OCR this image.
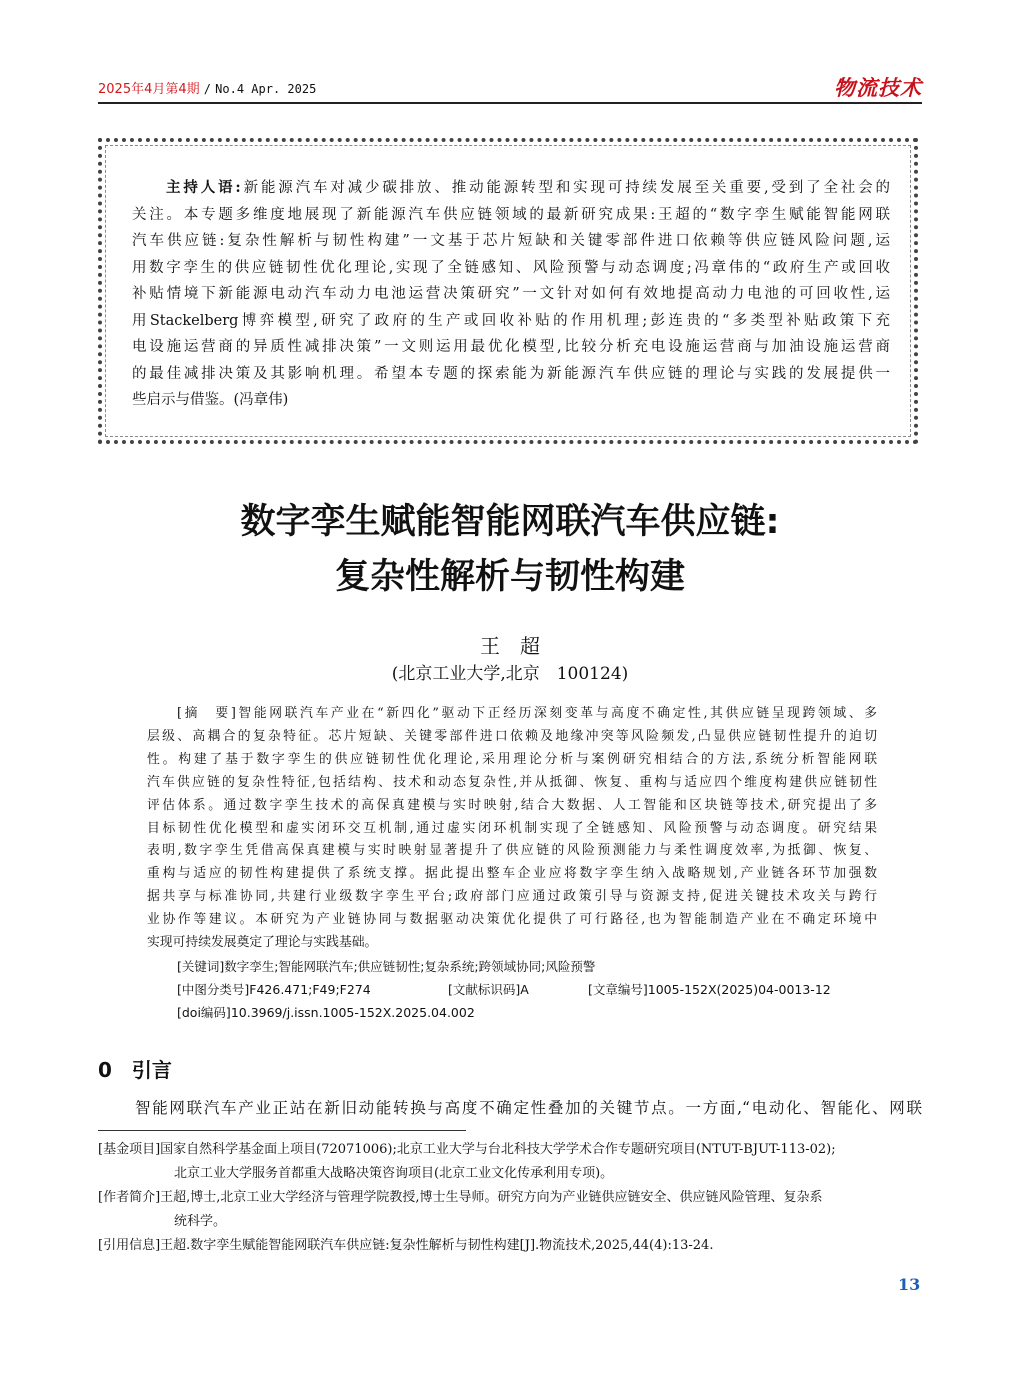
2025年4月第4期 / No.4 Apr. 2025	物流技术
主持人语:新能源汽车对减少碳排放、推动能源转型和实现可持续发展至关重要,受到了全社会的
关注。本专题多维度地展现了新能源汽车供应链领域的最新研究成果:王超的“数字孪生赋能智能网联
汽车供应链:复杂性解析与韧性构建”一文基于芯片短缺和关键零部件进口依赖等供应链风险问题,运
用数字孪生的供应链韧性优化理论,实现了全链感知、风险预警与动态调度;冯章伟的“政府生产或回收
补贴情境下新能源电动汽车动力电池运营决策研究”一文针对如何有效地提高动力电池的可回收性,运
用Stackelberg博弈模型,研究了政府的生产或回收补贴的作用机理;彭连贵的“多类型补贴政策下充
电设施运营商的异质性减排决策”一文则运用最优化模型,比较分析充电设施运营商与加油设施运营商
的最佳减排决策及其影响机理。希望本专题的探索能为新能源汽车供应链的理论与实践的发展提供一
些启示与借鉴。(冯章伟)
数字孪生赋能智能网联汽车供应链:
复杂性解析与韧性构建
王　超
(北京工业大学,北京　100124)
[摘　要]智能网联汽车产业在“新四化”驱动下正经历深刻变革与高度不确定性,其供应链呈现跨领域、多
层级、高耦合的复杂特征。芯片短缺、关键零部件进口依赖及地缘冲突等风险频发,凸显供应链韧性提升的迫切
性。构建了基于数字孪生的供应链韧性优化理论,采用理论分析与案例研究相结合的方法,系统分析智能网联
汽车供应链的复杂性特征,包括结构、技术和动态复杂性,并从抵御、恢复、重构与适应四个维度构建供应链韧性
评估体系。通过数字孪生技术的高保真建模与实时映射,结合大数据、人工智能和区块链等技术,研究提出了多
目标韧性优化模型和虚实闭环交互机制,通过虚实闭环机制实现了全链感知、风险预警与动态调度。研究结果
表明,数字孪生凭借高保真建模与实时映射显著提升了供应链的风险预测能力与柔性调度效率,为抵御、恢复、
重构与适应的韧性构建提供了系统支撑。据此提出整车企业应将数字孪生纳入战略规划,产业链各环节加强数
据共享与标准协同,共建行业级数字孪生平台;政府部门应通过政策引导与资源支持,促进关键技术攻关与跨行
业协作等建议。本研究为产业链协同与数据驱动决策优化提供了可行路径,也为智能制造产业在不确定环境中
实现可持续发展奠定了理论与实践基础。
[关键词]数字孪生;智能网联汽车;供应链韧性;复杂系统;跨领域协同;风险预警
[中图分类号]F426.471;F49;F274	[文献标识码]A	[文章编号]1005-152X(2025)04-0013-12
[doi编码]10.3969/j.issn.1005-152X.2025.04.002
0 引言
智能网联汽车产业正站在新旧动能转换与高度不确定性叠加的关键节点。一方面,“电动化、智能化、网联
[基金项目]国家自然科学基金面上项目(72071006);北京工业大学与台北科技大学学术合作专题研究项目(NTUT-BJUT-113-02);
北京工业大学服务首都重大战略决策咨询项目(北京工业文化传承利用专项)。
[作者简介]王超,博士,北京工业大学经济与管理学院教授,博士生导师。研究方向为产业链供应链安全、供应链风险管理、复杂系
统科学。
[引用信息]王超.数字孪生赋能智能网联汽车供应链:复杂性解析与韧性构建[J].物流技术,2025,44(4):13-24.
13
